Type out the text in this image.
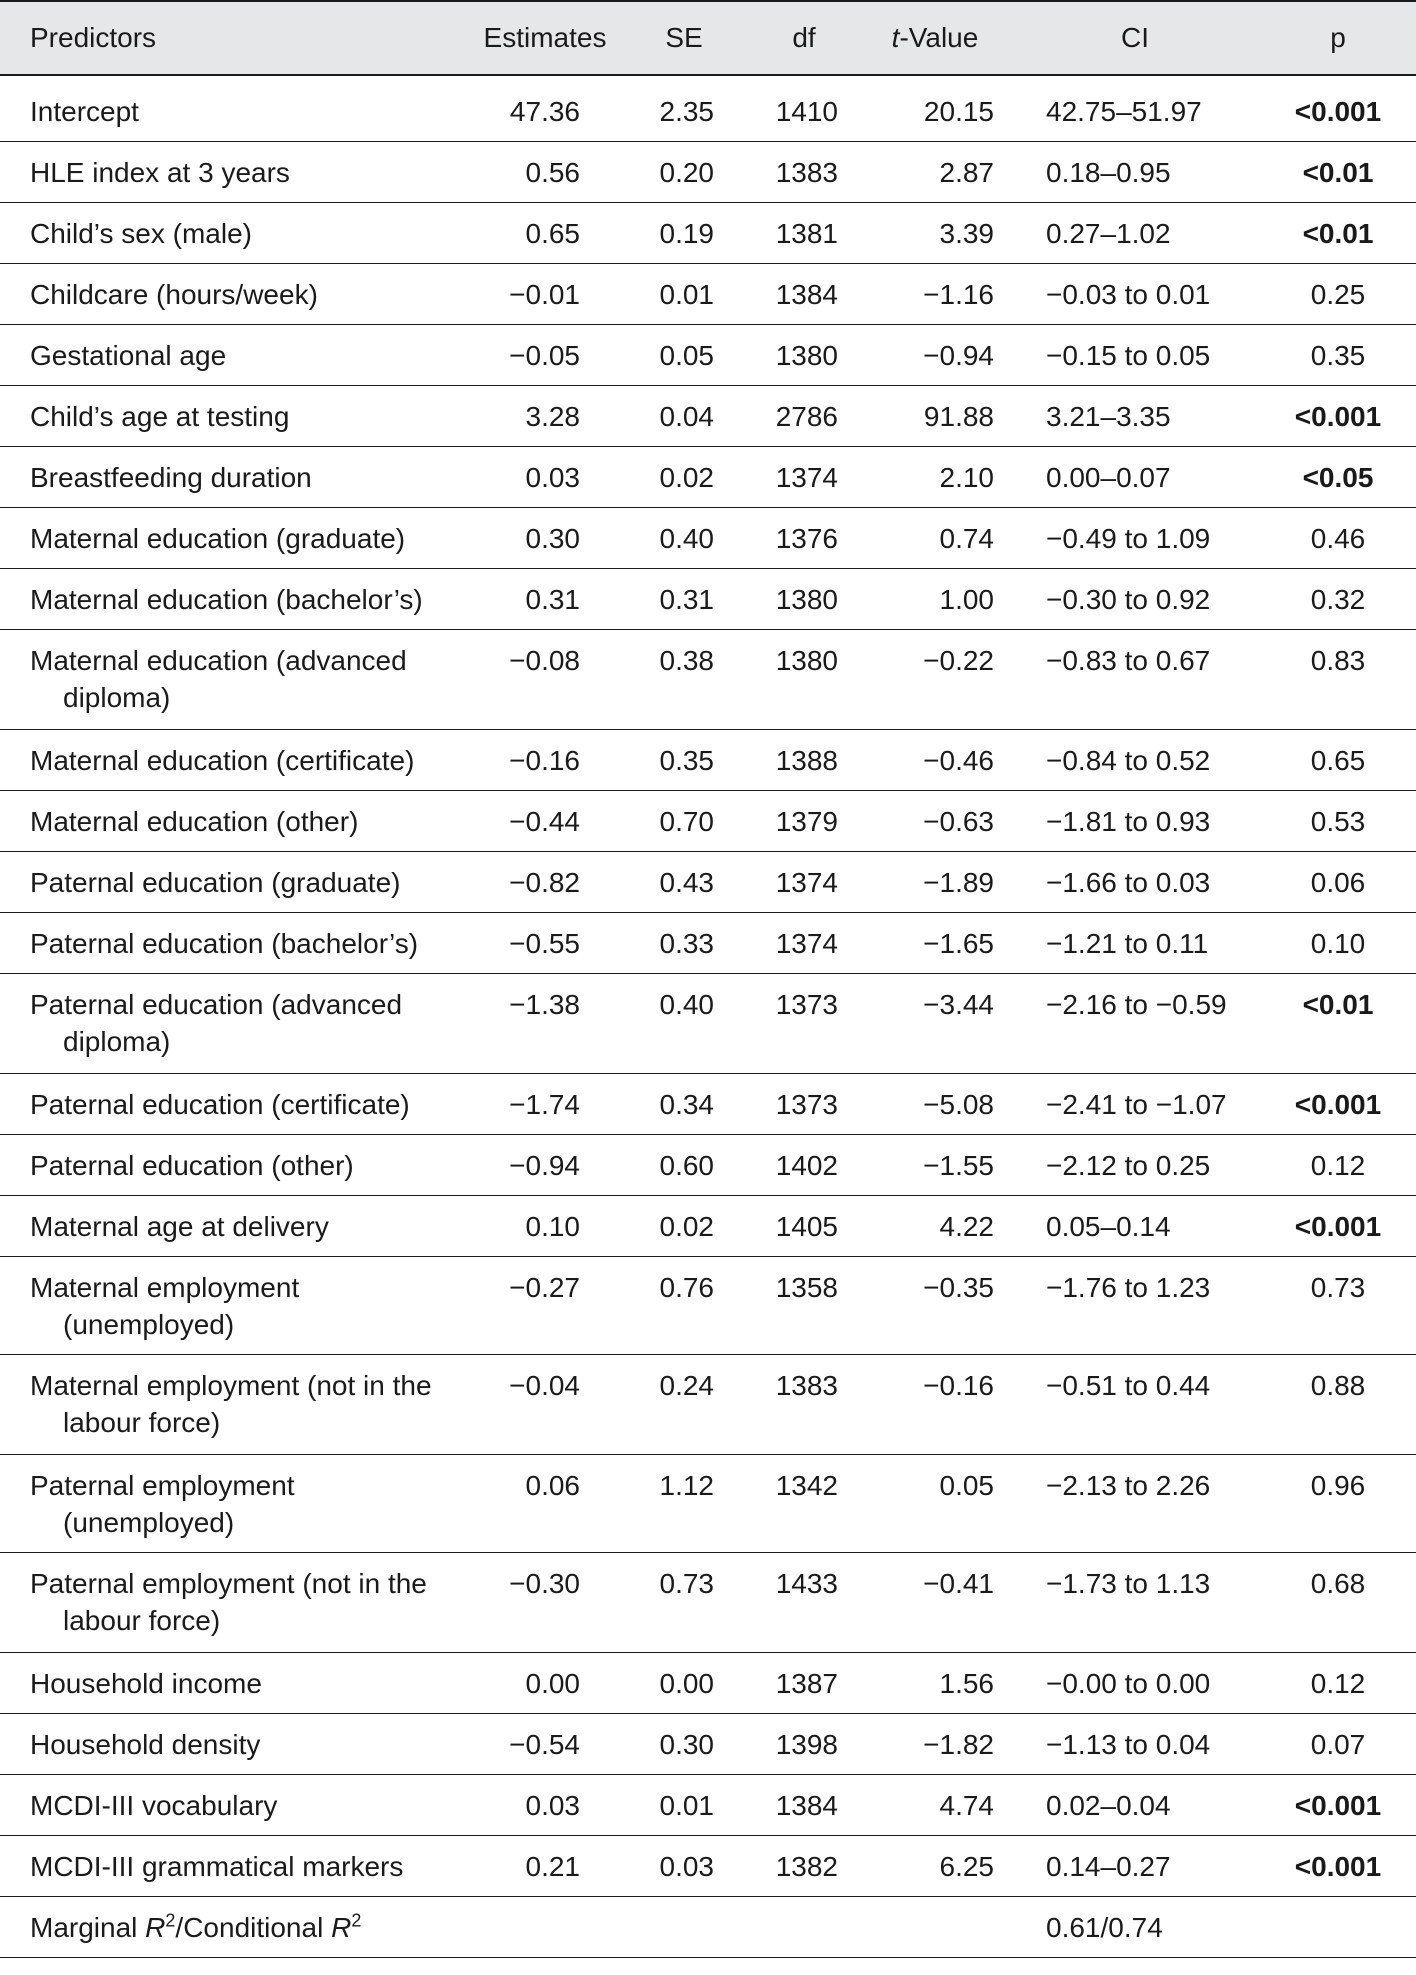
Predictors	Estimates	SE	df	t-Value	CI	p

Intercept	47.36	2.35	1410	20.15	42.75–51.97	<0.001

HLE index at 3 years	0.56	0.20	1383	2.87	0.18–0.95	<0.01

Child’s sex (male)	0.65	0.19	1381	3.39	0.27–1.02	<0.01

Childcare (hours/week)	−0.01	0.01	1384	−1.16	−0.03 to 0.01	0.25

Gestational age	−0.05	0.05	1380	−0.94	−0.15 to 0.05	0.35

Child’s age at testing	3.28	0.04	2786	91.88	3.21–3.35	<0.001

Breastfeeding duration	0.03	0.02	1374	2.10	0.00–0.07	<0.05

Maternal education (graduate)	0.30	0.40	1376	0.74	−0.49 to 1.09	0.46

Maternal education (bachelor’s)	0.31	0.31	1380	1.00	−0.30 to 0.92	0.32

Maternal education (advanced diploma)	−0.08	0.38	1380	−0.22	−0.83 to 0.67	0.83

Maternal education (certificate)	−0.16	0.35	1388	−0.46	−0.84 to 0.52	0.65

Maternal education (other)	−0.44	0.70	1379	−0.63	−1.81 to 0.93	0.53

Paternal education (graduate)	−0.82	0.43	1374	−1.89	−1.66 to 0.03	0.06

Paternal education (bachelor’s)	−0.55	0.33	1374	−1.65	−1.21 to 0.11	0.10

Paternal education (advanced diploma)	−1.38	0.40	1373	−3.44	−2.16 to −0.59	<0.01

Paternal education (certificate)	−1.74	0.34	1373	−5.08	−2.41 to −1.07	<0.001

Paternal education (other)	−0.94	0.60	1402	−1.55	−2.12 to 0.25	0.12

Maternal age at delivery	0.10	0.02	1405	4.22	0.05–0.14	<0.001

Maternal employment (unemployed)	−0.27	0.76	1358	−0.35	−1.76 to 1.23	0.73

Maternal employment (not in the labour force)	−0.04	0.24	1383	−0.16	−0.51 to 0.44	0.88

Paternal employment (unemployed)	0.06	1.12	1342	0.05	−2.13 to 2.26	0.96

Paternal employment (not in the labour force)	−0.30	0.73	1433	−0.41	−1.73 to 1.13	0.68

Household income	0.00	0.00	1387	1.56	−0.00 to 0.00	0.12

Household density	−0.54	0.30	1398	−1.82	−1.13 to 0.04	0.07

MCDI-III vocabulary	0.03	0.01	1384	4.74	0.02–0.04	<0.001

MCDI-III grammatical markers	0.21	0.03	1382	6.25	0.14–0.27	<0.001
Marginal $R^2$/Conditional $R^2$					0.61/0.74	
